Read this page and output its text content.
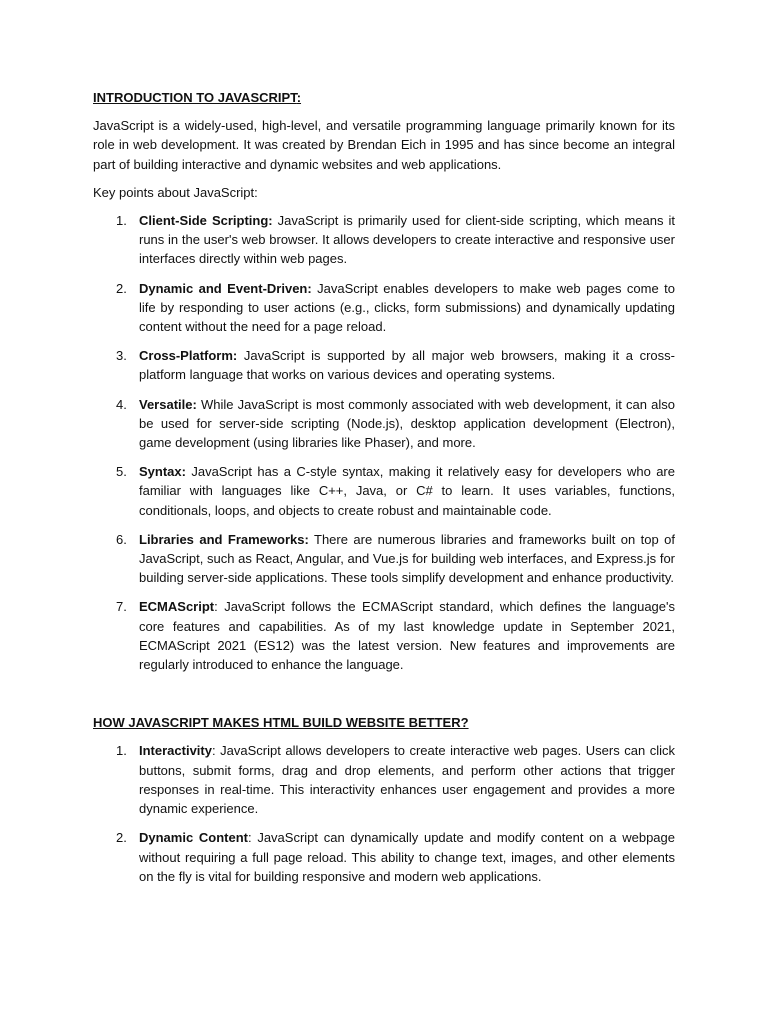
INTRODUCTION TO JAVASCRIPT:

JavaScript is a widely-used, high-level, and versatile programming language primarily known for its role in web development. It was created by Brendan Eich in 1995 and has since become an integral part of building interactive and dynamic websites and web applications.

Key points about JavaScript:

1. Client-Side Scripting: JavaScript is primarily used for client-side scripting, which means it runs in the user's web browser. It allows developers to create interactive and responsive user interfaces directly within web pages.
2. Dynamic and Event-Driven: JavaScript enables developers to make web pages come to life by responding to user actions (e.g., clicks, form submissions) and dynamically updating content without the need for a page reload.
3. Cross-Platform: JavaScript is supported by all major web browsers, making it a cross-platform language that works on various devices and operating systems.
4. Versatile: While JavaScript is most commonly associated with web development, it can also be used for server-side scripting (Node.js), desktop application development (Electron), game development (using libraries like Phaser), and more.
5. Syntax: JavaScript has a C-style syntax, making it relatively easy for developers who are familiar with languages like C++, Java, or C# to learn. It uses variables, functions, conditionals, loops, and objects to create robust and maintainable code.
6. Libraries and Frameworks: There are numerous libraries and frameworks built on top of JavaScript, such as React, Angular, and Vue.js for building web interfaces, and Express.js for building server-side applications. These tools simplify development and enhance productivity.
7. ECMAScript: JavaScript follows the ECMAScript standard, which defines the language's core features and capabilities. As of my last knowledge update in September 2021, ECMAScript 2021 (ES12) was the latest version. New features and improvements are regularly introduced to enhance the language.
HOW JAVASCRIPT MAKES HTML BUILD WEBSITE BETTER?
1. Interactivity: JavaScript allows developers to create interactive web pages. Users can click buttons, submit forms, drag and drop elements, and perform other actions that trigger responses in real-time. This interactivity enhances user engagement and provides a more dynamic experience.
2. Dynamic Content: JavaScript can dynamically update and modify content on a webpage without requiring a full page reload. This ability to change text, images, and other elements on the fly is vital for building responsive and modern web applications.
